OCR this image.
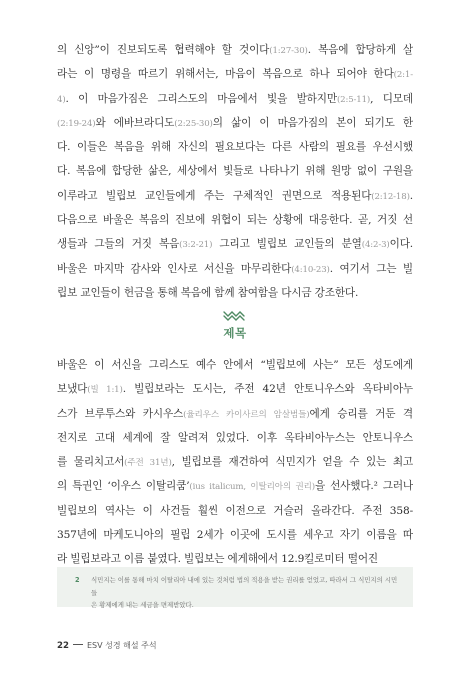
의 신앙”이 진보되도록 협력해야 할 것이다(1:27-30). 복음에 합당하게 살
라는 이 명령을 따르기 위해서는, 마음이 복음으로 하나 되어야 한다(2:1-
4). 이 마음가짐은 그리스도의 마음에서 빛을 발하지만(2:5-11), 디모데
(2:19-24)와 에바브라디도(2:25-30)의 삶이 이 마음가짐의 본이 되기도 한
다. 이들은 복음을 위해 자신의 필요보다는 다른 사람의 필요를 우선시했
다. 복음에 합당한 삶은, 세상에서 빛들로 나타나기 위해 원망 없이 구원을
이루라고 빌립보 교인들에게 주는 구체적인 권면으로 적용된다(2:12-18).
다음으로 바울은 복음의 진보에 위협이 되는 상황에 대응한다. 곧, 거짓 선
생들과 그들의 거짓 복음(3:2-21) 그리고 빌립보 교인들의 분열(4:2-3)이다.
바울은 마지막 감사와 인사로 서신을 마무리한다(4:10-23). 여기서 그는 빌
립보 교인들이 헌금을 통해 복음에 함께 참여함을 다시금 강조한다.
제목
바울은 이 서신을 그리스도 예수 안에서 “빌립보에 사는” 모든 성도에게
보냈다(빌 1:1). 빌립보라는 도시는, 주전 42년 안토니우스와 옥타비아누
스가 브루투스와 카시우스(율리우스 카이사르의 암살범들)에게 승리를 거둔 격
전지로 고대 세계에 잘 알려져 있었다. 이후 옥타비아누스는 안토니우스
를 물리치고서(주전 31년), 빌립보를 재건하여 식민지가 얻을 수 있는 최고
의 특권인 ‘이우스 이탈리쿰’(ius italicum, 이탈리아의 권리)을 선사했다.² 그러나
빌립보의 역사는 이 사건들 훨씬 이전으로 거슬러 올라간다. 주전 358-
357년에 마케도니아의 필립 2세가 이곳에 도시를 세우고 자기 이름을 따
라 빌립보라고 이름 붙였다. 빌립보는 에게해에서 12.9킬로미터 떨어진
2 식민지는 이를 통해 마치 이탈리아 내에 있는 것처럼 법의 적용을 받는 권리를 얻었고, 따라서 그 식민지의 시민들
은 황제에게 내는 세금을 면제받았다.
22 ESV 성경 해설 주석
